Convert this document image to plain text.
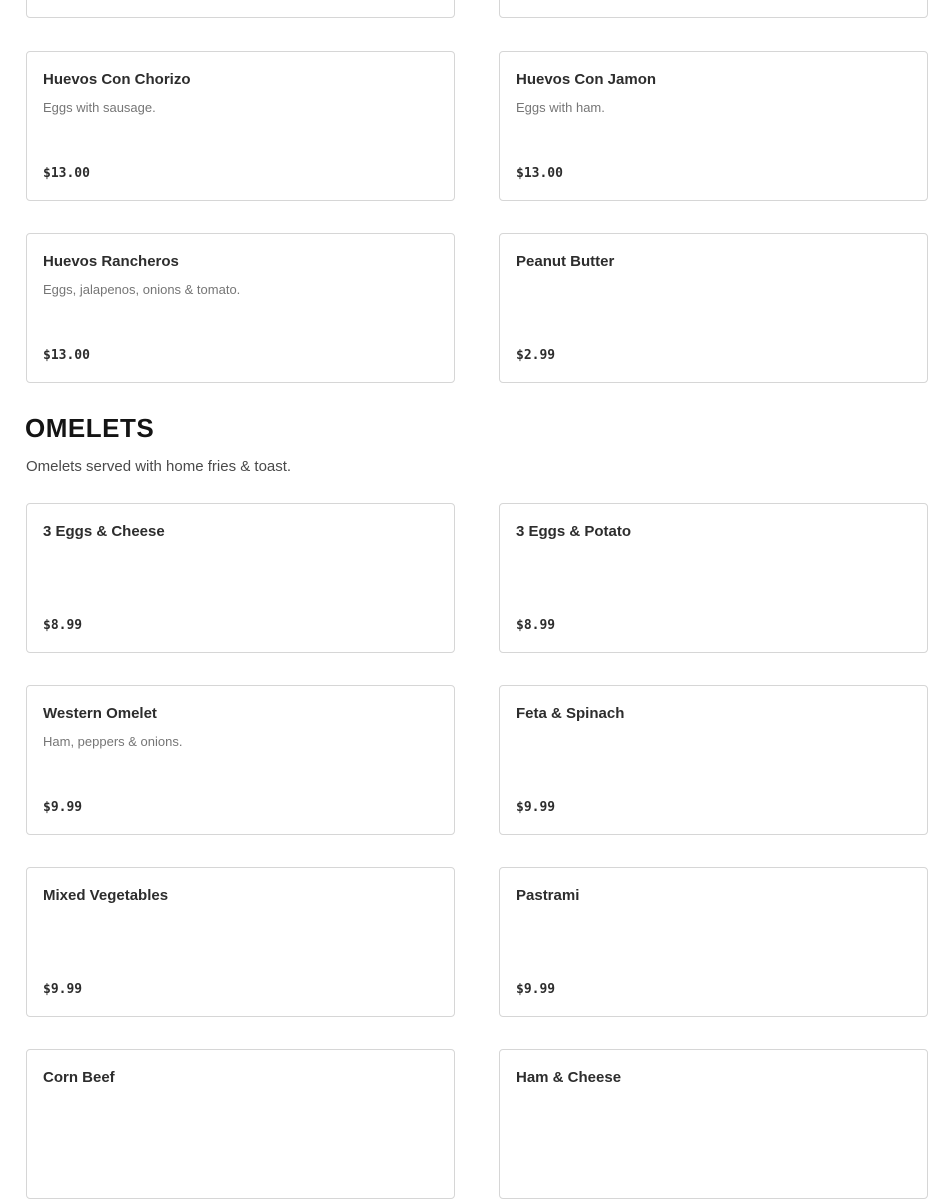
Huevos Con Chorizo
Eggs with sausage.
$13.00
Huevos Con Jamon
Eggs with ham.
$13.00
Huevos Rancheros
Eggs, jalapenos, onions & tomato.
$13.00
Peanut Butter
$2.99
OMELETS

Omelets served with home fries & toast.

3 Eggs & Cheese
$8.99
3 Eggs & Potato
$8.99
Western Omelet
Ham, peppers & onions.
$9.99
Feta & Spinach
$9.99
Mixed Vegetables
$9.99
Pastrami
$9.99
Corn Beef	Ham & Cheese
